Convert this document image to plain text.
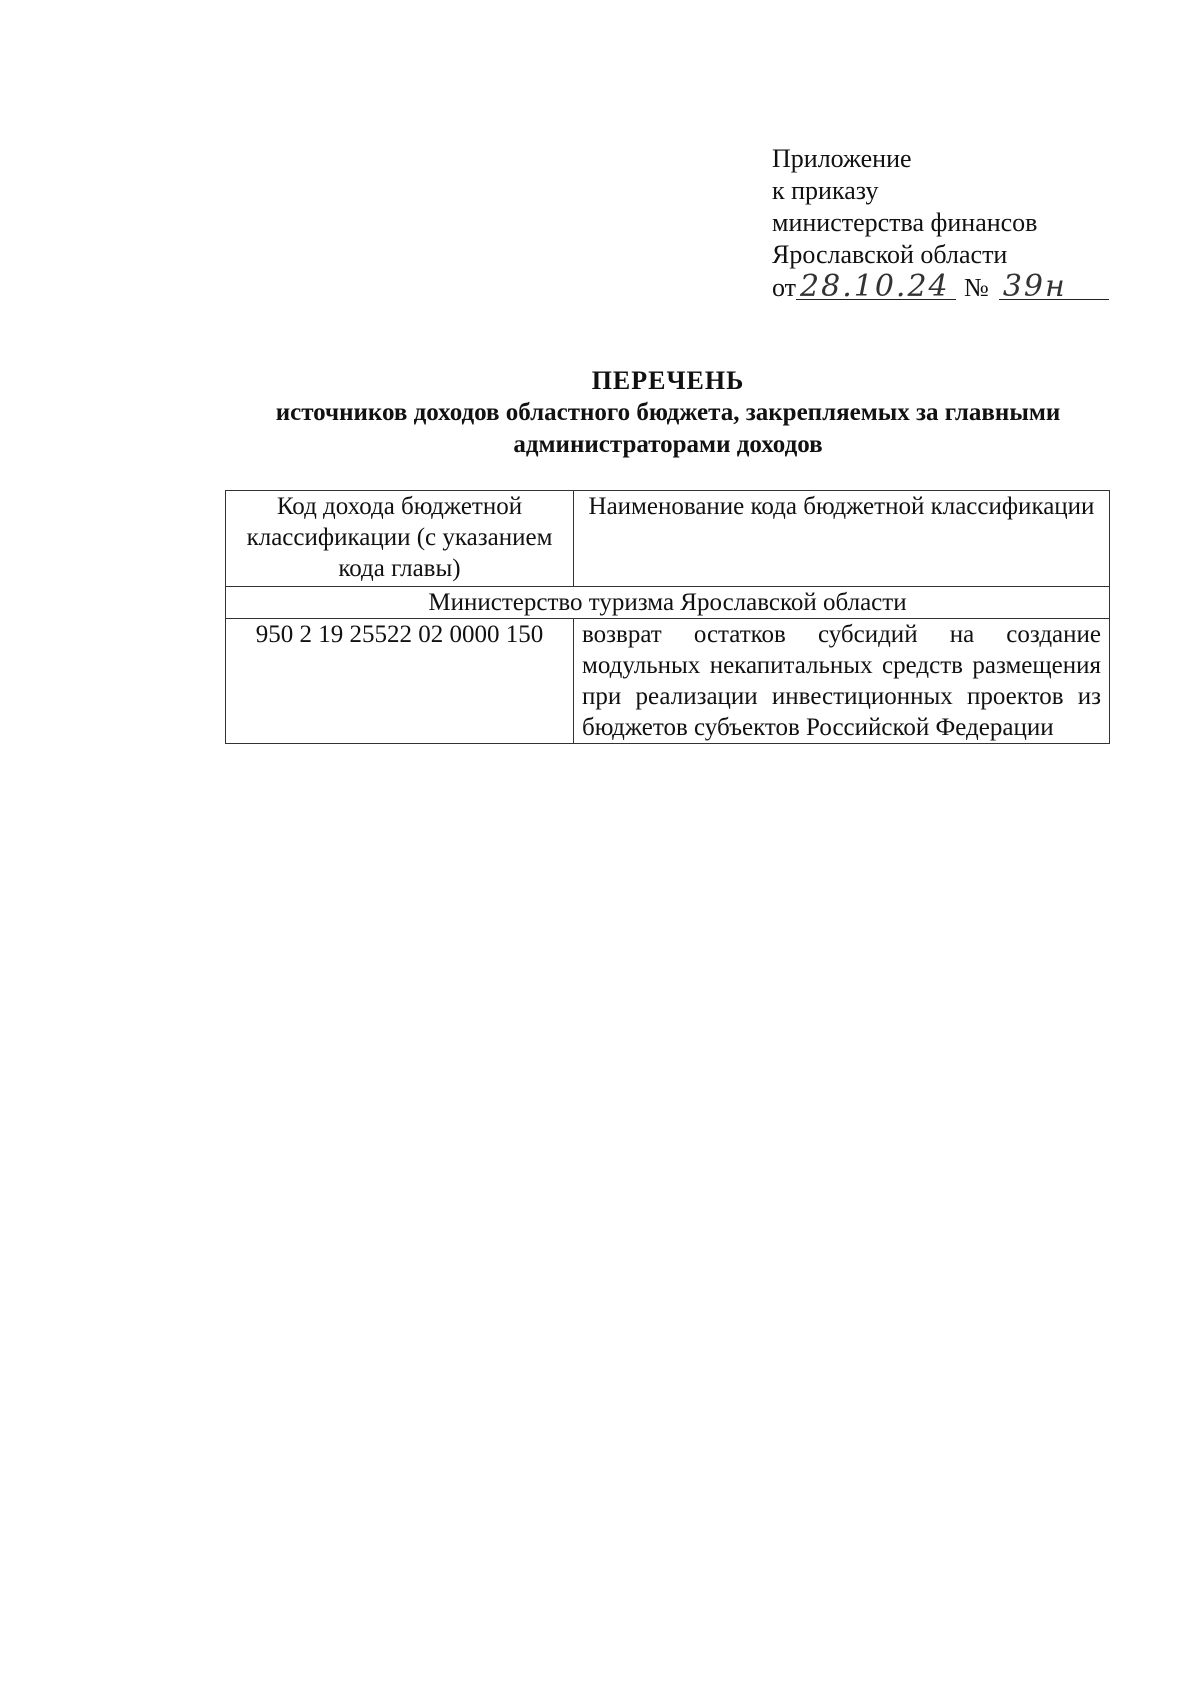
Приложение
к приказу
министерства финансов
Ярославской области
от 28.10.24 № 39н
ПЕРЕЧЕНЬ
источников доходов областного бюджета, закрепляемых за главными
администраторами доходов
Код дохода бюджетной классификации (с указанием кода главы)	Наименование кода бюджетной классификации
Министерство туризма Ярославской области	
950 2 19 25522 02 0000 150	возврат остатков субсидий на создание модульных некапитальных средств размещения при реализации инвестиционных проектов из бюджетов субъектов Российской Федерации
